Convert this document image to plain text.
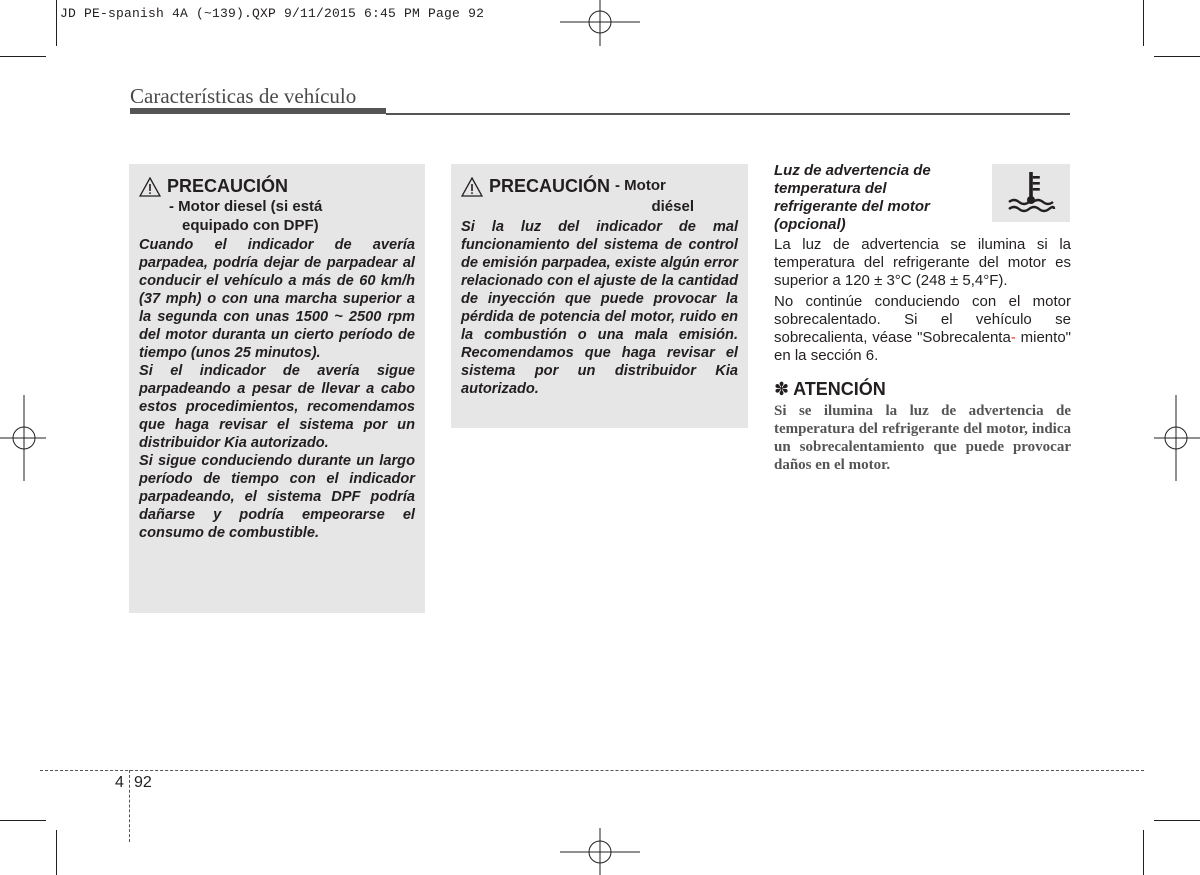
JD PE-spanish 4A (~139).QXP 9/11/2015 6:45 PM Page 92
Características de vehículo
PRECAUCIÓN
- Motor diesel (si está
equipado con DPF)

Cuando el indicador de avería parpadea, podría dejar de parpadear al conducir el vehículo a más de 60 km/h (37 mph) o con una marcha superior a la segunda con unas 1500 ~ 2500 rpm del motor duranta un cierto período de tiempo (unos 25 minutos).

Si el indicador de avería sigue parpadeando a pesar de llevar a cabo estos procedimientos, recomendamos que haga revisar el sistema por un distribuidor Kia autorizado.

Si sigue conduciendo durante un largo período de tiempo con el indicador parpadeando, el sistema DPF podría dañarse y podría empeorarse el consumo de combustible.

PRECAUCIÓN - Motor
diésel

Si la luz del indicador de mal funcionamiento del sistema de control de emisión parpadea, existe algún error relacionado con el ajuste de la cantidad de inyección que puede provocar la pérdida de potencia del motor, ruido en la combustión o una mala emisión. Recomendamos que haga revisar el sistema por un distribuidor Kia autorizado.

Luz de advertencia de temperatura del refrigerante del motor (opcional)

La luz de advertencia se ilumina si la temperatura del refrigerante del motor es superior a 120 ± 3°C (248 ± 5,4°F).

No continúe conduciendo con el motor sobrecalentado. Si el vehículo se sobrecalienta, véase "Sobrecalenta- miento" en la sección 6.

✽ ATENCIÓN
Si se ilumina la luz de advertencia de temperatura del refrigerante del motor, indica un sobrecalentamiento que puede provocar daños en el motor.
4 92
